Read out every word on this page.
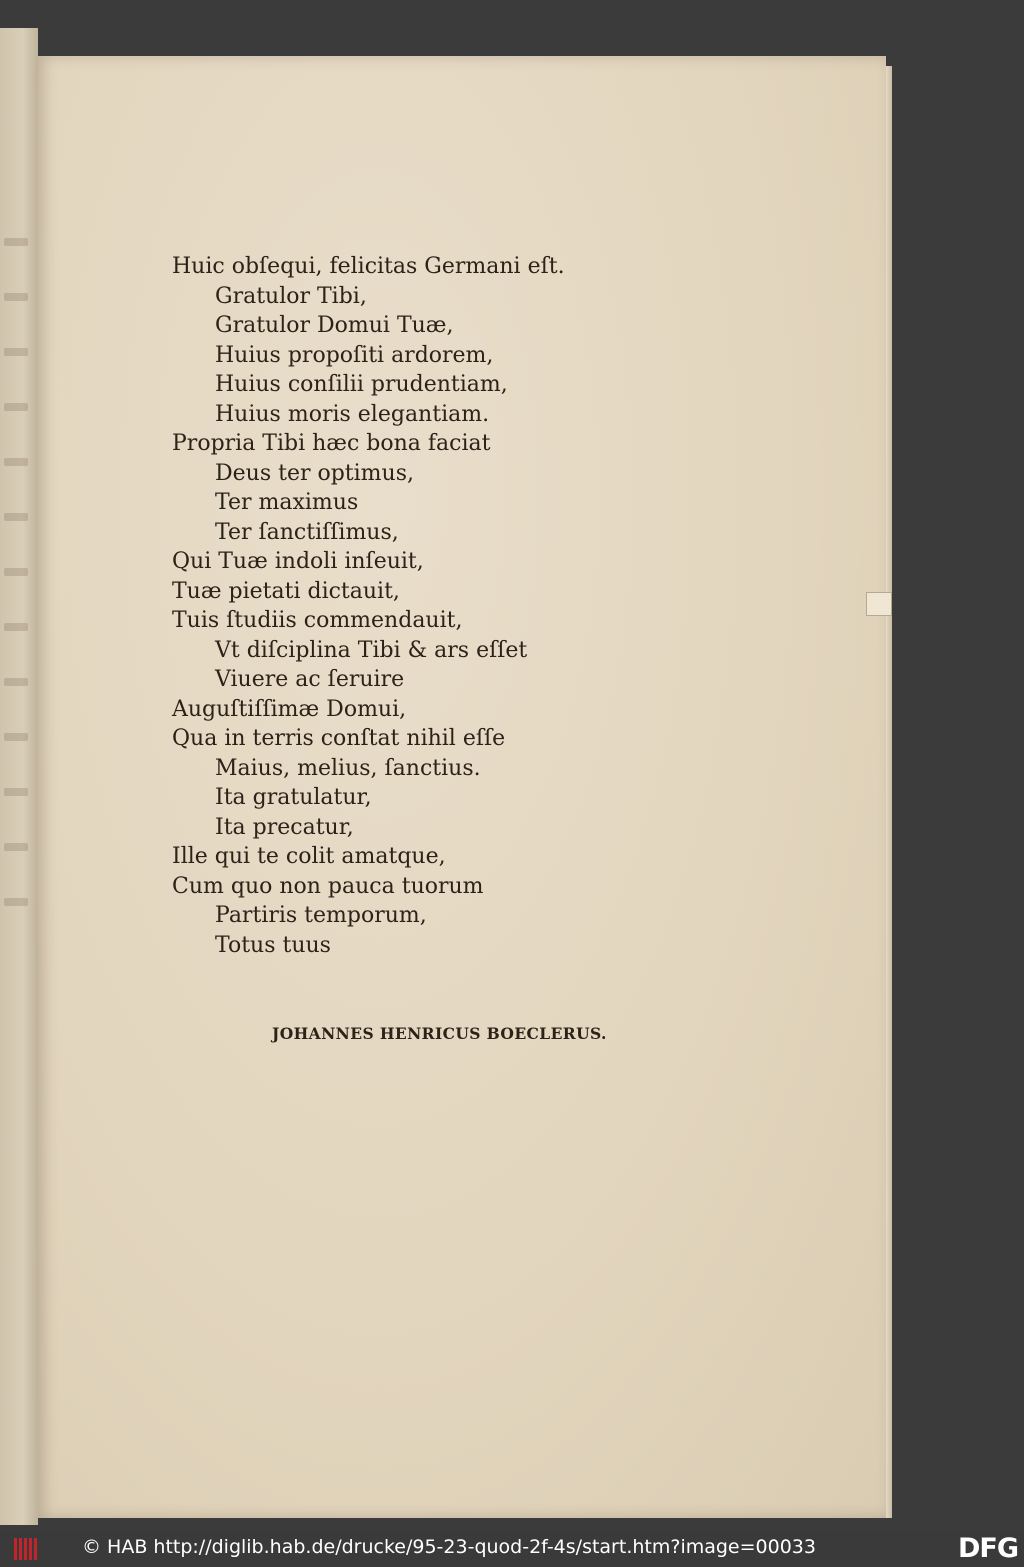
Huic obſequi, felicitas Germani eſt.
Gratulor Tibi,
Gratulor Domui Tuæ,
Huius propoſiti ardorem,
Huius conſilii prudentiam,
Huius moris elegantiam.
Propria Tibi hæc bona faciat
Deus ter optimus,
Ter maximus
Ter ſanctiſſimus,
Qui Tuæ indoli inſeuit,
Tuæ pietati dictauit,
Tuis ſtudiis commendauit,
Vt diſciplina Tibi & ars eſſet
Viuere ac ſeruire
Auguſtiſſimæ Domui,
Qua in terris conſtat nihil eſſe
Maius, melius, ſanctius.
Ita gratulatur,
Ita precatur,
Ille qui te colit amatque,
Cum quo non pauca tuorum
Partiris temporum,
Totus tuus
JOHANNES HENRICUS BOECLERUS.
© HAB http://diglib.hab.de/drucke/95-23-quod-2f-4s/start.htm?image=00033	DFG
